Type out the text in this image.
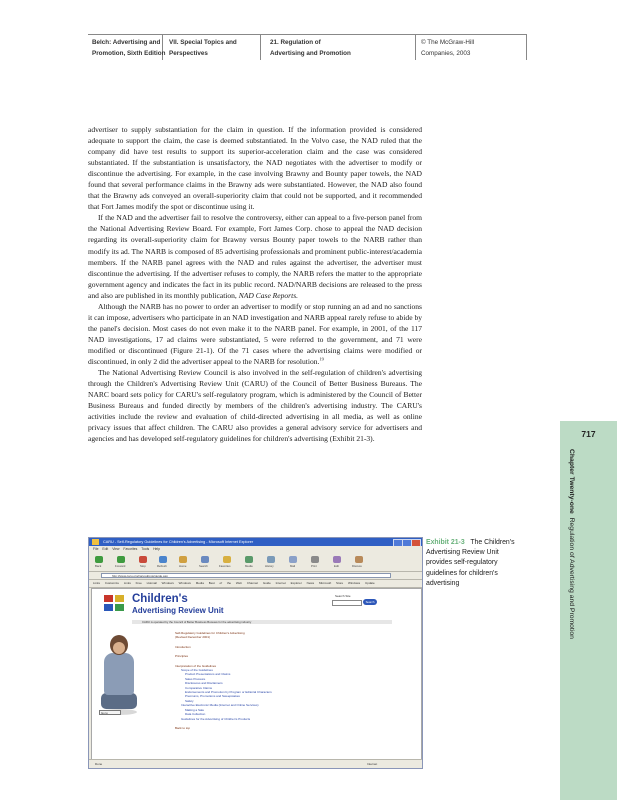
Belch: Advertising and
Promotion, Sixth Edition
VII. Special Topics and
Perspectives
21. Regulation of
Advertising and Promotion
© The McGraw-Hill
Companies, 2003

advertiser to supply substantiation for the claim in question. If the information provided is considered adequate to support the claim, the case is deemed substantiated. In the Volvo case, the NAD ruled that the company did have test results to support its superior-acceleration claim and the case was considered substantiated. If the substantiation is unsatisfactory, the NAD negotiates with the advertiser to modify or discontinue the advertising. For example, in the case involving Brawny and Bounty paper towels, the NAD found that several performance claims in the Brawny ads were substantiated. However, the NAD also found that the Brawny ads conveyed an overall-superiority claim that could not be supported, and it recommended that Fort James modify the spot or discontinue using it.

If the NAD and the advertiser fail to resolve the controversy, either can appeal to a five-person panel from the National Advertising Review Board. For example, Fort James Corp. chose to appeal the NAD decision regarding its overall-superiority claim for Brawny versus Bounty paper towels to the NARB rather than modify its ad. The NARB is composed of 85 advertising professionals and prominent public-interest/academia members. If the NARB panel agrees with the NAD and rules against the advertiser, the advertiser must discontinue the advertising. If the advertiser refuses to comply, the NARB refers the matter to the appropriate government agency and indicates the fact in its public record. NAD/NARB decisions are released to the press and also are published in its monthly publication, NAD Case Reports.

Although the NARB has no power to order an advertiser to modify or stop running an ad and no sanctions it can impose, advertisers who participate in an NAD investigation and NARB appeal rarely refuse to abide by the panel's decision. Most cases do not even make it to the NARB panel. For example, in 2001, of the 117 NAD investigations, 17 ad claims were substantiated, 5 were referred to the government, and 71 were modified or discontinued (Figure 21-1). Of the 71 cases where the advertising claims were modified or discontinued, in only 2 did the advertiser appeal to the NARB for resolution.$^{19}$

The National Advertising Review Council is also involved in the self-regulation of children's advertising through the Children's Advertising Review Unit (CARU) of the Council of Better Business Bureaus. The NARC board sets policy for CARU's self-regulatory program, which is administered by the Council of Better Business Bureaus and funded directly by members of the children's advertising industry. The CARU's activities include the review and evaluation of child-directed advertising in all media, as well as online privacy issues that affect children. The CARU also provides a general advisory service for advertisers and agencies and has developed self-regulatory guidelines for children's advertising (Exhibit 21-3).	717
Chapter Twenty-one  Regulation of Advertising and Promotion
Exhibit 21-3 The Children's Advertising Review Unit provides self-regulatory guidelines for children's advertising
CARU - Self-Regulatory Guidelines for Children's Advertising - Microsoft Internet Explorer
File Edit View Favorites Tools Help
Back	Forward	Stop	Refresh	Home	Search	Favorites	Media	History	Mail	Print	Edit	Discuss
http://www.caru.org/carusubpgs/guide.asp
Links Customize Links Free Hotmail Windows Windows Media Best of the Web Channel Guide Internet Explorer News Microsoft Store Windows Update
Children's
Advertising Review Unit
CARU is operated by the Council of Better Business Bureaus for the advertising industry
Search Site
Search
Go to
Self-Regulatory Guidelines for Children's Advertising
(Revised December 2001)
Introduction
Principles
Interpretation of the Guidelines
Scope of the Guidelines
Product Presentations and Claims
Sales Pressure
Disclosures and Disclaimers
Comparative Claims
Endorsements and Promotion by Program or Editorial Characters
Premiums, Promotions and Sweepstakes
Safety
Interactive Electronic Media (Internet and Online Services)
Making a Sale
Data Collection
Guidelines for the Advertising of Children's Products
Back to top
Done	Internet
